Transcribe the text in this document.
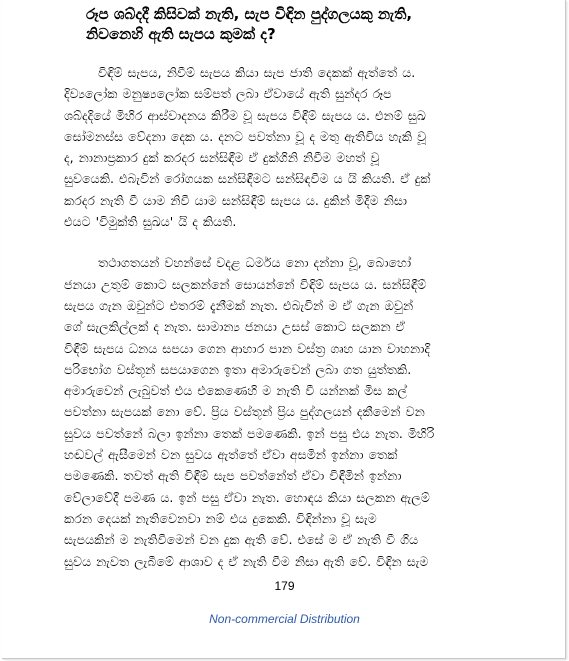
රූප ශබ්දදී කිසිවක් නැති, සැප විඳින පුද්ගලයකු නැති,
නිවනෙහි ඇති සැපය කුමක් ද?
විඳිම් සැපය, නිවීම් සැපය කියා සැප ජාති දෙකක් ඇත්තේ ය.
දිව්‍යලෝක මනුෂ්‍යලෝක සම්පත් ලබා ඒවායේ ඇති සුන්දර රූප
ශබ්දදියේ මිහිර ආස්වාදනය කිරීම වූ සැපය විඳීම් සැපය ය. එනම් සුඛ
සෝමනස්ස වේදනා දෙක ය. දනට පවත්නා වූ ද මතු ඇතිවිය හැකි වූ
ද, නානාප්‍රකාර දුක් කරදර සන්සිඳීම ඒ දුක්ගිනි නිවීම මහත් වූ
සුවයෙකි. එබැවින් රෝගයක සන්සිඳීමට සන්සිඳවීම ය යි කියති. ඒ දුක්
කරදර නැති වී යාම නිවී යාම සන්සිඳීම් සැපය ය. දුකින් මිදීම නිසා
එයට 'විමුක්ති සුඛය' යි ද කියති.
තථාගතයන් වහන්සේ වදළ ධර්මය නො දන්නා වූ, බොහෝ
ජනයා උතුම් කොට සලකන්නේ සොයන්නේ විඳිම් සැපය ය. සන්සිඳීම්
සැපය ගැන ඔවුන්ට එතරම් දැනීමක් නැත. එබැවින් ම ඒ ගැන ඔවුන්
ගේ සැලකිල්ලක් ද නැත. සාමාන්‍ය ජනයා උසස් කොට සලකන ඒ
විඳීම් සැපය ධනය සපයා ගෙන ආහාර පාන වස්ත්‍ර ගෘහ යාන වාහනාදි
පරිභෝග වස්තූන් සපයාගෙන ඉතා අමාරුවෙන් ලබා ගත යුත්තකි.
අමාරුවෙන් ලැබුවත් එය එකෙණෙහි ම නැති වී යන්නක් මිස කල්
පවත්නා සැපයක් නො වේ. ප්‍රිය වස්තූන් ප්‍රිය පුද්ගලයන් දකීමෙන් වන
සුවය පවත්නේ බලා ඉන්නා තෙක් පමණෙකි. ඉන් පසු එය නැත. මිහිරි
හඬවල් ඇසීමෙන් වන සුවය ඇත්තේ ඒවා අසමින් ඉන්නා තෙක්
පමණෙකි. තවත් ඇති විඳීම් සැප පවත්නේත් ඒවා විඳීමින් ඉන්නා
වේලාවේදී පමණ ය. ඉන් පසු ඒවා නැත. හොඳය කියා සලකන ඇලම්
කරන දෙයක් නැතිවෙනවා නම් එය දුකෙකි. විඳින්නා වූ සැම
සැපයකින් ම නැතිවීමෙන් වන දුක ඇති වේ. එසේ ම ඒ නැති වී ගිය
සුවය නැවත ලැබීමේ ආශාව ද ඒ නැති වීම නිසා ඇති වේ. විඳින සැම
179
Non-commercial Distribution
